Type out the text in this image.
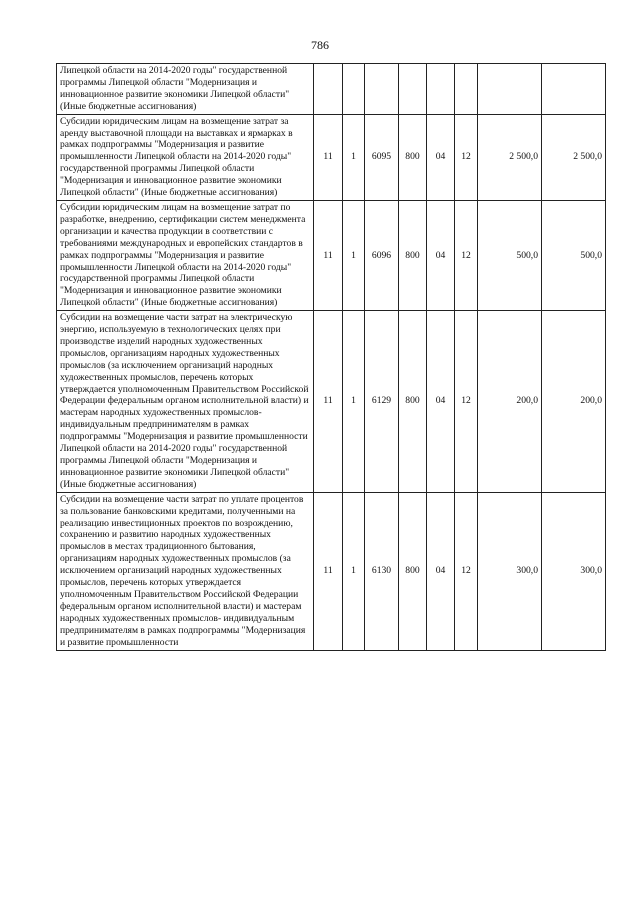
786
Липецкой области на 2014-2020 годы" государственной программы Липецкой области "Модернизация и инновационное развитие экономики Липецкой области" (Иные бюджетные ассигнования)								
Субсидии юридическим лицам на возмещение затрат за аренду выставочной площади на выставках и ярмарках в рамках подпрограммы "Модернизация и развитие промышленности Липецкой области на 2014-2020 годы" государственной программы Липецкой области "Модернизация и инновационное развитие экономики Липецкой области" (Иные бюджетные ассигнования)	11	1	6095	800	04	12	2 500,0	2 500,0
Субсидии юридическим лицам на возмещение затрат по разработке, внедрению, сертификации систем менеджмента организации и качества продукции в соответствии с требованиями международных и европейских стандартов в рамках подпрограммы "Модернизация и развитие промышленности Липецкой области на 2014-2020 годы" государственной программы Липецкой области "Модернизация и инновационное развитие экономики Липецкой области" (Иные бюджетные ассигнования)	11	1	6096	800	04	12	500,0	500,0
Субсидии на возмещение части затрат на электрическую энергию, используемую в технологических целях при производстве изделий народных художественных промыслов, организациям народных художественных промыслов (за исключением организаций народных художественных промыслов, перечень которых утверждается уполномоченным Правительством Российской Федерации федеральным органом исполнительной власти) и мастерам народных художественных промыслов- индивидуальным предпринимателям в рамках подпрограммы "Модернизация и развитие промышленности Липецкой области на 2014-2020 годы" государственной программы Липецкой области "Модернизация и инновационное развитие экономики Липецкой области" (Иные бюджетные ассигнования)	11	1	6129	800	04	12	200,0	200,0
Субсидии на возмещение части затрат по уплате процентов за пользование банковскими кредитами, полученными на реализацию инвестиционных проектов по возрождению, сохранению и развитию народных художественных промыслов в местах традиционного бытования, организациям народных художественных промыслов (за исключением организаций народных художественных промыслов, перечень которых утверждается уполномоченным Правительством Российской Федерации федеральным органом исполнительной власти) и мастерам народных художественных промыслов- индивидуальным предпринимателям в рамках подпрограммы "Модернизация и развитие промышленности	11	1	6130	800	04	12	300,0	300,0
